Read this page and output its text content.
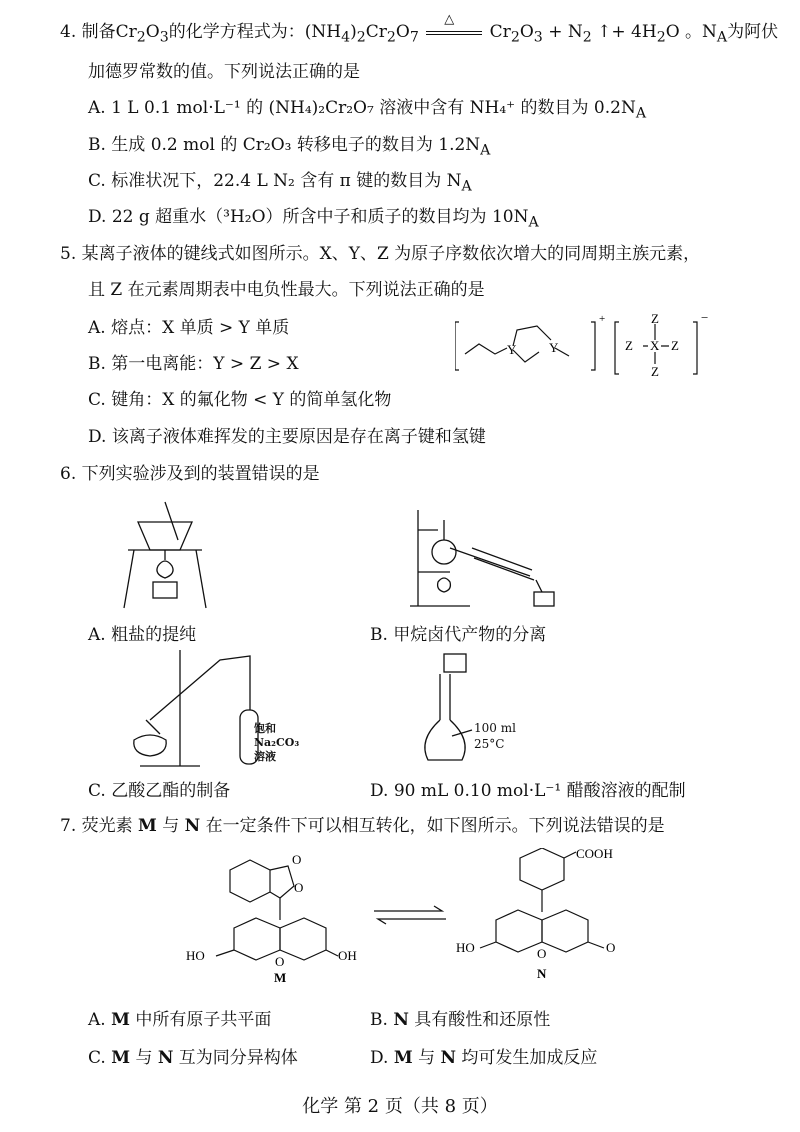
4. 制备$Cr_2O_3$的化学方程式为：$(NH_4)_2Cr_2O_7$
△
$Cr_2O_3 + N_2$ ↑+ $4H_2O$ 。$N_A$为阿伏
加德罗常数的值。下列说法正确的是
A. 1 L 0.1 mol·L⁻¹ 的 (NH₄)₂Cr₂O₇ 溶液中含有 NH₄⁺ 的数目为 $0.2N_A$
B. 生成 0.2 mol 的 Cr₂O₃ 转移电子的数目为 $1.2N_A$
C. 标准状况下，22.4 L N₂ 含有 π 键的数目为 $N_A$
D. 22 g 超重水（³H₂O）所含中子和质子的数目均为 $10N_A$
5. 某离子液体的键线式如图所示。X、Y、Z 为原子序数依次增大的同周期主族元素，
且 Z 在元素周期表中电负性最大。下列说法正确的是
A. 熔点：X 单质 > Y 单质
B. 第一电离能：Y > Z > X
C. 键角：X 的氟化物 < Y 的简单氢化物
D. 该离子液体难挥发的主要原因是存在离子键和氢键
Y	Y
+	Z
Z X Z
Z
−
6. 下列实验涉及到的装置错误的是
A. 粗盐的提纯	B. 甲烷卤代产物的分离
饱和
Na₂CO₃
溶液
C. 乙酸乙酯的制备
100 ml
25°C
D. 90 mL 0.10 mol·L⁻¹ 醋酸溶液的配制
7. 荧光素 M 与 N 在一定条件下可以相互转化，如下图所示。下列说法错误的是
O
O
HO	O	OH
M
COOH
HO	O	O
N
A. M 中所有原子共平面	B. N 具有酸性和还原性
C. M 与 N 互为同分异构体	D. M 与 N 均可发生加成反应
化学 第 2 页（共 8 页）
